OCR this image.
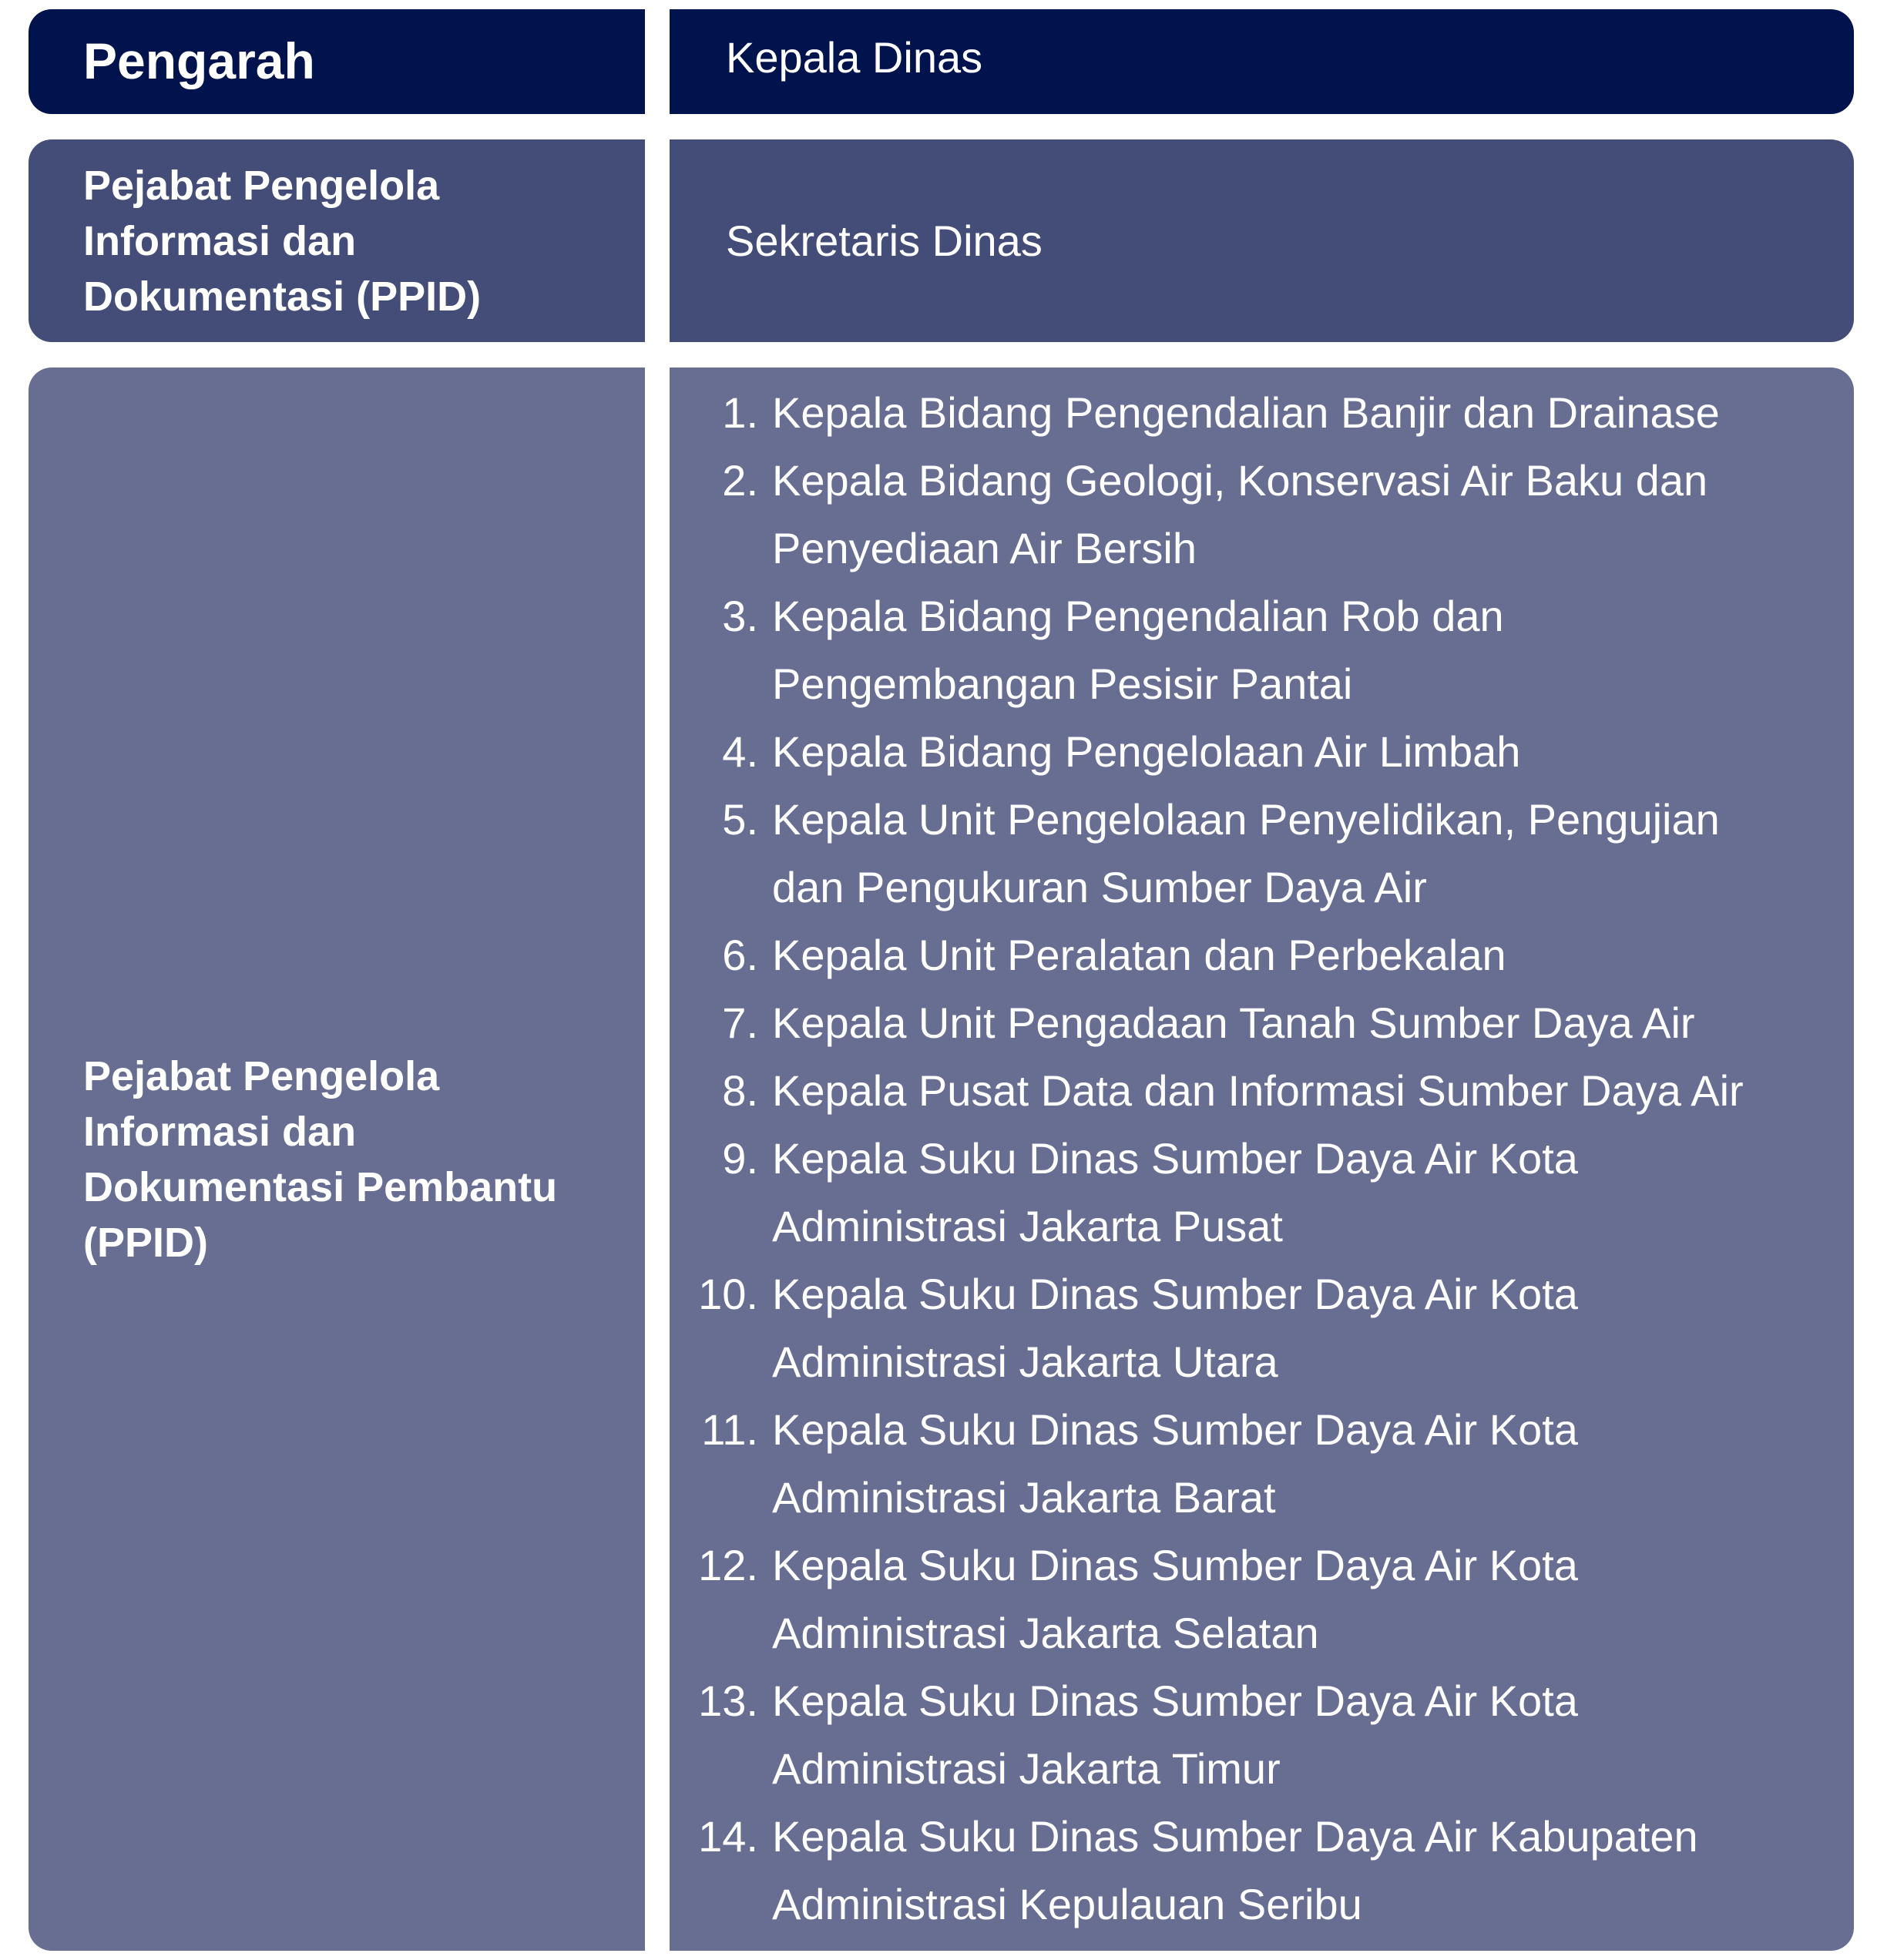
Pengarah	Kepala Dinas
Pejabat Pengelola Informasi dan Dokumentasi (PPID)
Sekretaris Dinas
Pejabat Pengelola Informasi dan Dokumentasi Pembantu (PPID)
1. Kepala Bidang Pengendalian Banjir dan Drainase
2. Kepala Bidang Geologi, Konservasi Air Baku dan Penyediaan Air Bersih
3. Kepala Bidang Pengendalian Rob dan Pengembangan Pesisir Pantai
4. Kepala Bidang Pengelolaan Air Limbah
5. Kepala Unit Pengelolaan Penyelidikan, Pengujian dan Pengukuran Sumber Daya Air
6. Kepala Unit Peralatan dan Perbekalan
7. Kepala Unit Pengadaan Tanah Sumber Daya Air
8. Kepala Pusat Data dan Informasi Sumber Daya Air
9. Kepala Suku Dinas Sumber Daya Air Kota Administrasi Jakarta Pusat
10. Kepala Suku Dinas Sumber Daya Air Kota Administrasi Jakarta Utara
11. Kepala Suku Dinas Sumber Daya Air Kota Administrasi Jakarta Barat
12. Kepala Suku Dinas Sumber Daya Air Kota Administrasi Jakarta Selatan
13. Kepala Suku Dinas Sumber Daya Air Kota Administrasi Jakarta Timur
14. Kepala Suku Dinas Sumber Daya Air Kabupaten Administrasi Kepulauan Seribu
